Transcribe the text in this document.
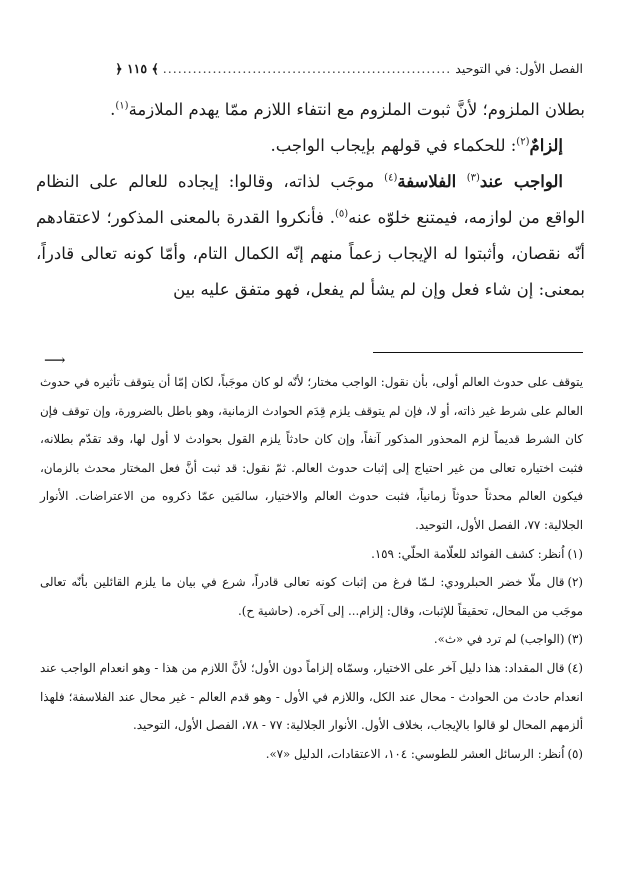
الفصل الأول: في التوحيد
..........................................................
﴾ ١١٥ ﴿

بطلان الملزوم؛ لأنَّ ثبوت الملزوم مع انتفاء اللازم ممّا يهدم الملازمة$^{(١)}$.

إلزامٌ$^{(٢)}$: للحكماء في قولهم بإيجاب الواجب.

الواجب عند$^{(٣)}$ الفلاسفة$^{(٤)}$ موجَب لذاته، وقالوا: إيجاده للعالم على النظام الواقع من لوازمه، فيمتنع خلوّه عنه$^{(٥)}$. فأنكروا القدرة بالمعنى المذكور؛ لاعتقادهم أنّه نقصان، وأثبتوا له الإيجاب زعماً منهم إنّه الكمال التام، وأمّا كونه تعالى قادراً، بمعنى: إن شاء فعل وإن لم يشأ لم يفعل، فهو متفق عليه بين

⟶

يتوقف على حدوث العالم أولى، بأن نقول: الواجب مختار؛ لأنّه لو كان موجَباً، لكان إمّا أن يتوقف تأثيره في حدوث العالم على شرط غير ذاته، أو لا، فإن لم يتوقف يلزم قِدَم الحوادث الزمانية، وهو باطل بالضرورة، وإن توقف فإن كان الشرط قديماً لزم المحذور المذكور آنفاً، وإن كان حادثاً يلزم القول بحوادث لا أول لها، وقد تقدّم بطلانه، فثبت اختياره تعالى من غير احتياج إلى إثبات حدوث العالم. ثمّ نقول: قد ثبت أنَّ فعل المختار محدث بالزمان، فيكون العالم محدثاً حدوثاً زمانياً، فثبت حدوث العالم والاختيار، سالمَين عمّا ذكروه من الاعتراضات. الأنوار الجلالية: ٧٧، الفصل الأول، التوحيد.

(١)اُنظر: كشف الفوائد للعلّامة الحلّي: ١٥٩.

(٢)قال ملّا خضر الحبلرودي: لـمّا فرغ من إثبات كونه تعالى قادراً، شرع في بيان ما يلزم القائلين بأنّه تعالى موجَب من المحال، تحقيقاً للإثبات، وقال: إلزام... إلى آخره. (حاشية ح).

(٣)(الواجب) لم ترد في «ث».

(٤)قال المقداد: هذا دليل آخر على الاختيار، وسمّاه إلزاماً دون الأول؛ لأنَّ اللازم من هذا - وهو انعدام الواجب عند انعدام حادث من الحوادث - محال عند الكل، واللازم في الأول - وهو قدم العالم - غير محال عند الفلاسفة؛ فلهذا ألزمهم المحال لو قالوا بالإيجاب، بخلاف الأول. الأنوار الجلالية: ٧٧ - ٧٨، الفصل الأول، التوحيد.

(٥)اُنظر: الرسائل العشر للطوسي: ١٠٤، الاعتقادات، الدليل «٧».
